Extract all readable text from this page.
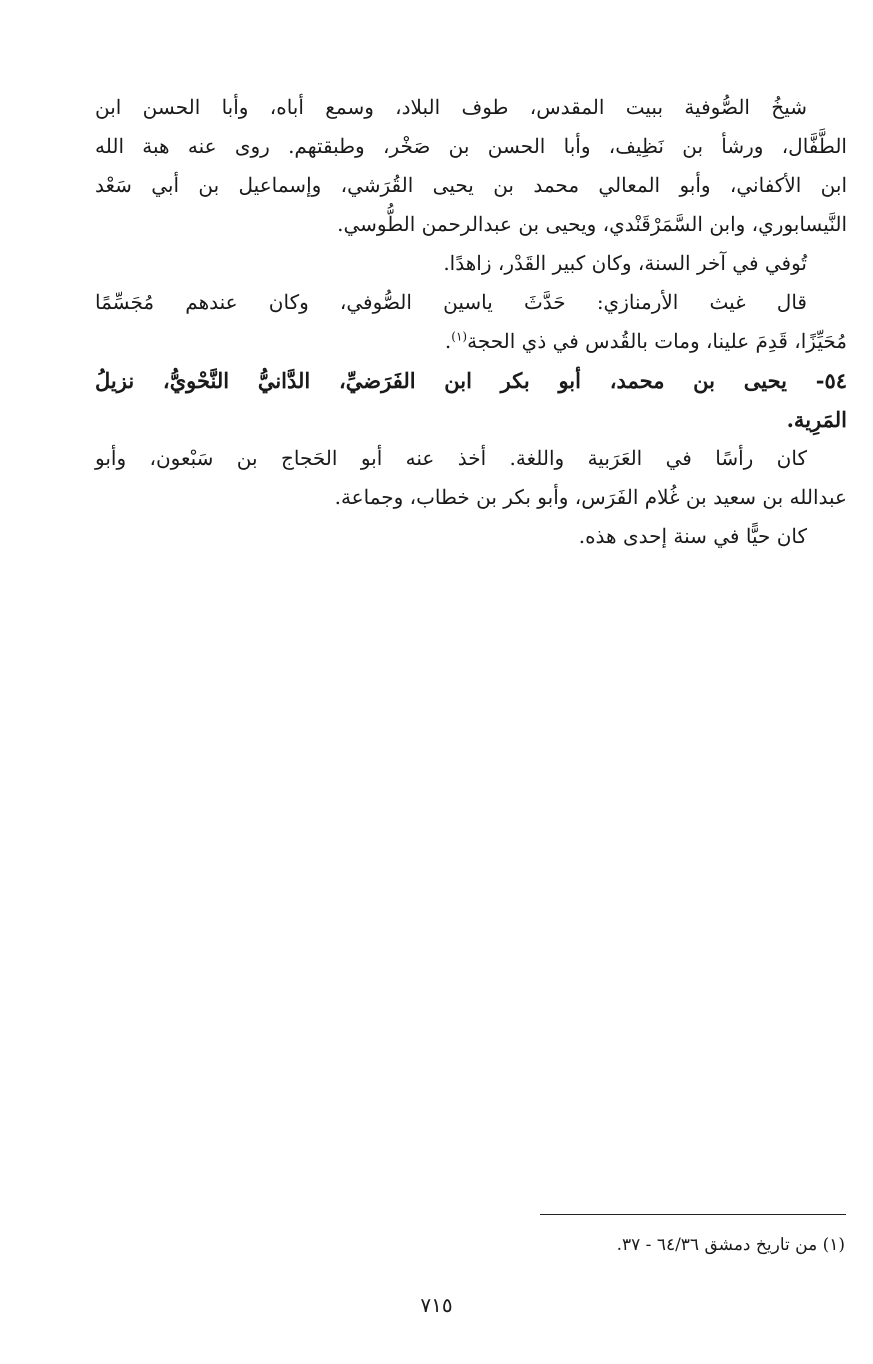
شيخُ الصُّوفية ببيت المقدس، طوف البلاد، وسمع أباه، وأبا الحسن ابن
الطَّفَّال، ورشأ بن نَظِيف، وأبا الحسن بن صَخْر، وطبقتهم. روى عنه هبة الله
ابن الأكفاني، وأبو المعالي محمد بن يحيى القُرَشي، وإسماعيل بن أبي سَعْد
النَّيسابوري، وابن السَّمَرْقَنْدي، ويحيى بن عبدالرحمن الطُّوسي.
تُوفي في آخر السنة، وكان كبير القَدْر، زاهدًا.
قال غيث الأرمنازي: حَدَّثَ ياسين الصُّوفي، وكان عندهم مُجَسِّمًا
مُحَيِّزًا، قَدِمَ علينا، ومات بالقُدس في ذي الحجة$^{(١)}$.
٥٤- يحيى بن محمد، أبو بكر ابن الفَرَضيِّ، الدَّانيُّ النَّحْويُّ، نزيلُ
المَرِية.
كان رأسًا في العَرَبية واللغة. أخذ عنه أبو الحَجاج بن سَبْعون، وأبو
عبدالله بن سعيد بن غُلام الفَرَس، وأبو بكر بن خطاب، وجماعة.
كان حيًّا في سنة إحدى هذه.
(١) من تاريخ دمشق ٦٤/٣٦ - ٣٧.
٧١٥
